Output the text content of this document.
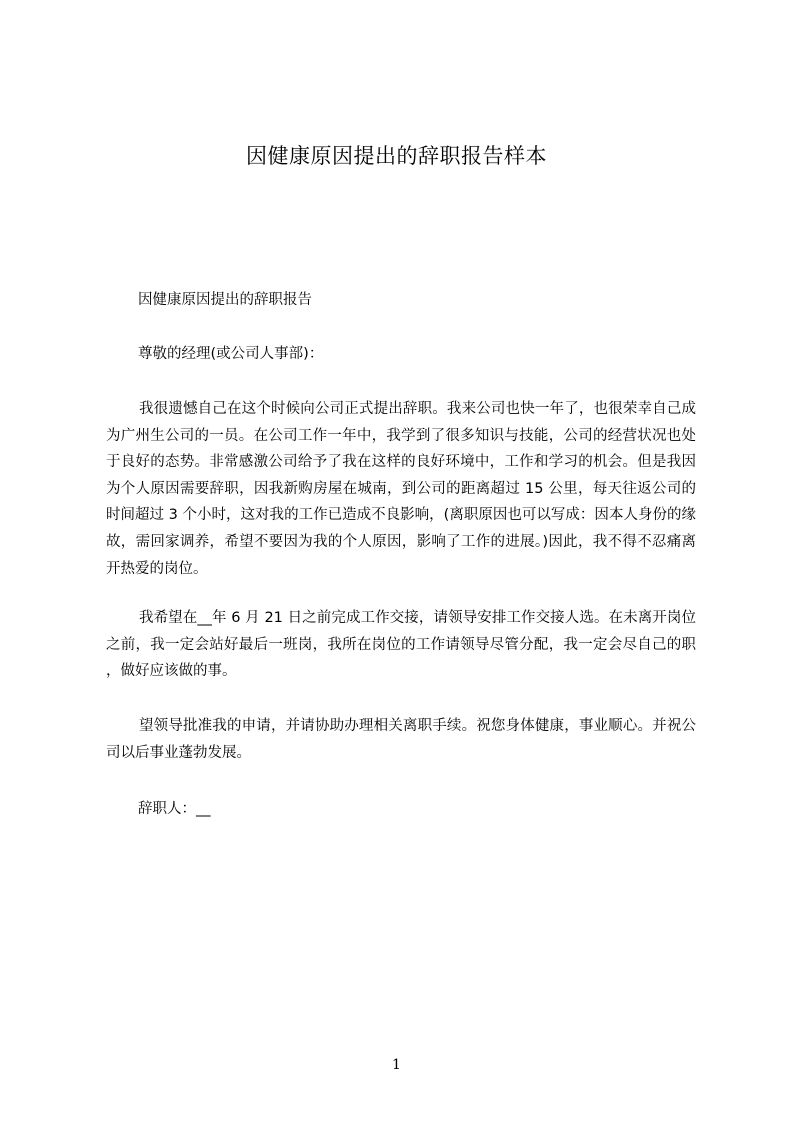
因健康原因提出的辞职报告样本
因健康原因提出的辞职报告
尊敬的经理(或公司人事部)：
我很遗憾自己在这个时候向公司正式提出辞职。我来公司也快一年了，也很荣幸自己成为广州生公司的一员。在公司工作一年中，我学到了很多知识与技能，公司的经营状况也处于良好的态势。非常感激公司给予了我在这样的良好环境中，工作和学习的机会。但是我因为个人原因需要辞职，因我新购房屋在城南，到公司的距离超过 15 公里，每天往返公司的时间超过 3 个小时，这对我的工作已造成不良影响，(离职原因也可以写成：因本人身份的缘故，需回家调养，希望不要因为我的个人原因，影响了工作的进展。)因此，我不得不忍痛离开热爱的岗位。
我希望在__年 6 月 21 日之前完成工作交接，请领导安排工作交接人选。在未离开岗位之前，我一定会站好最后一班岗，我所在岗位的工作请领导尽管分配，我一定会尽自己的职，做好应该做的事。
望领导批准我的申请，并请协助办理相关离职手续。祝您身体健康，事业顺心。并祝公司以后事业蓬勃发展。
辞职人：__
1
